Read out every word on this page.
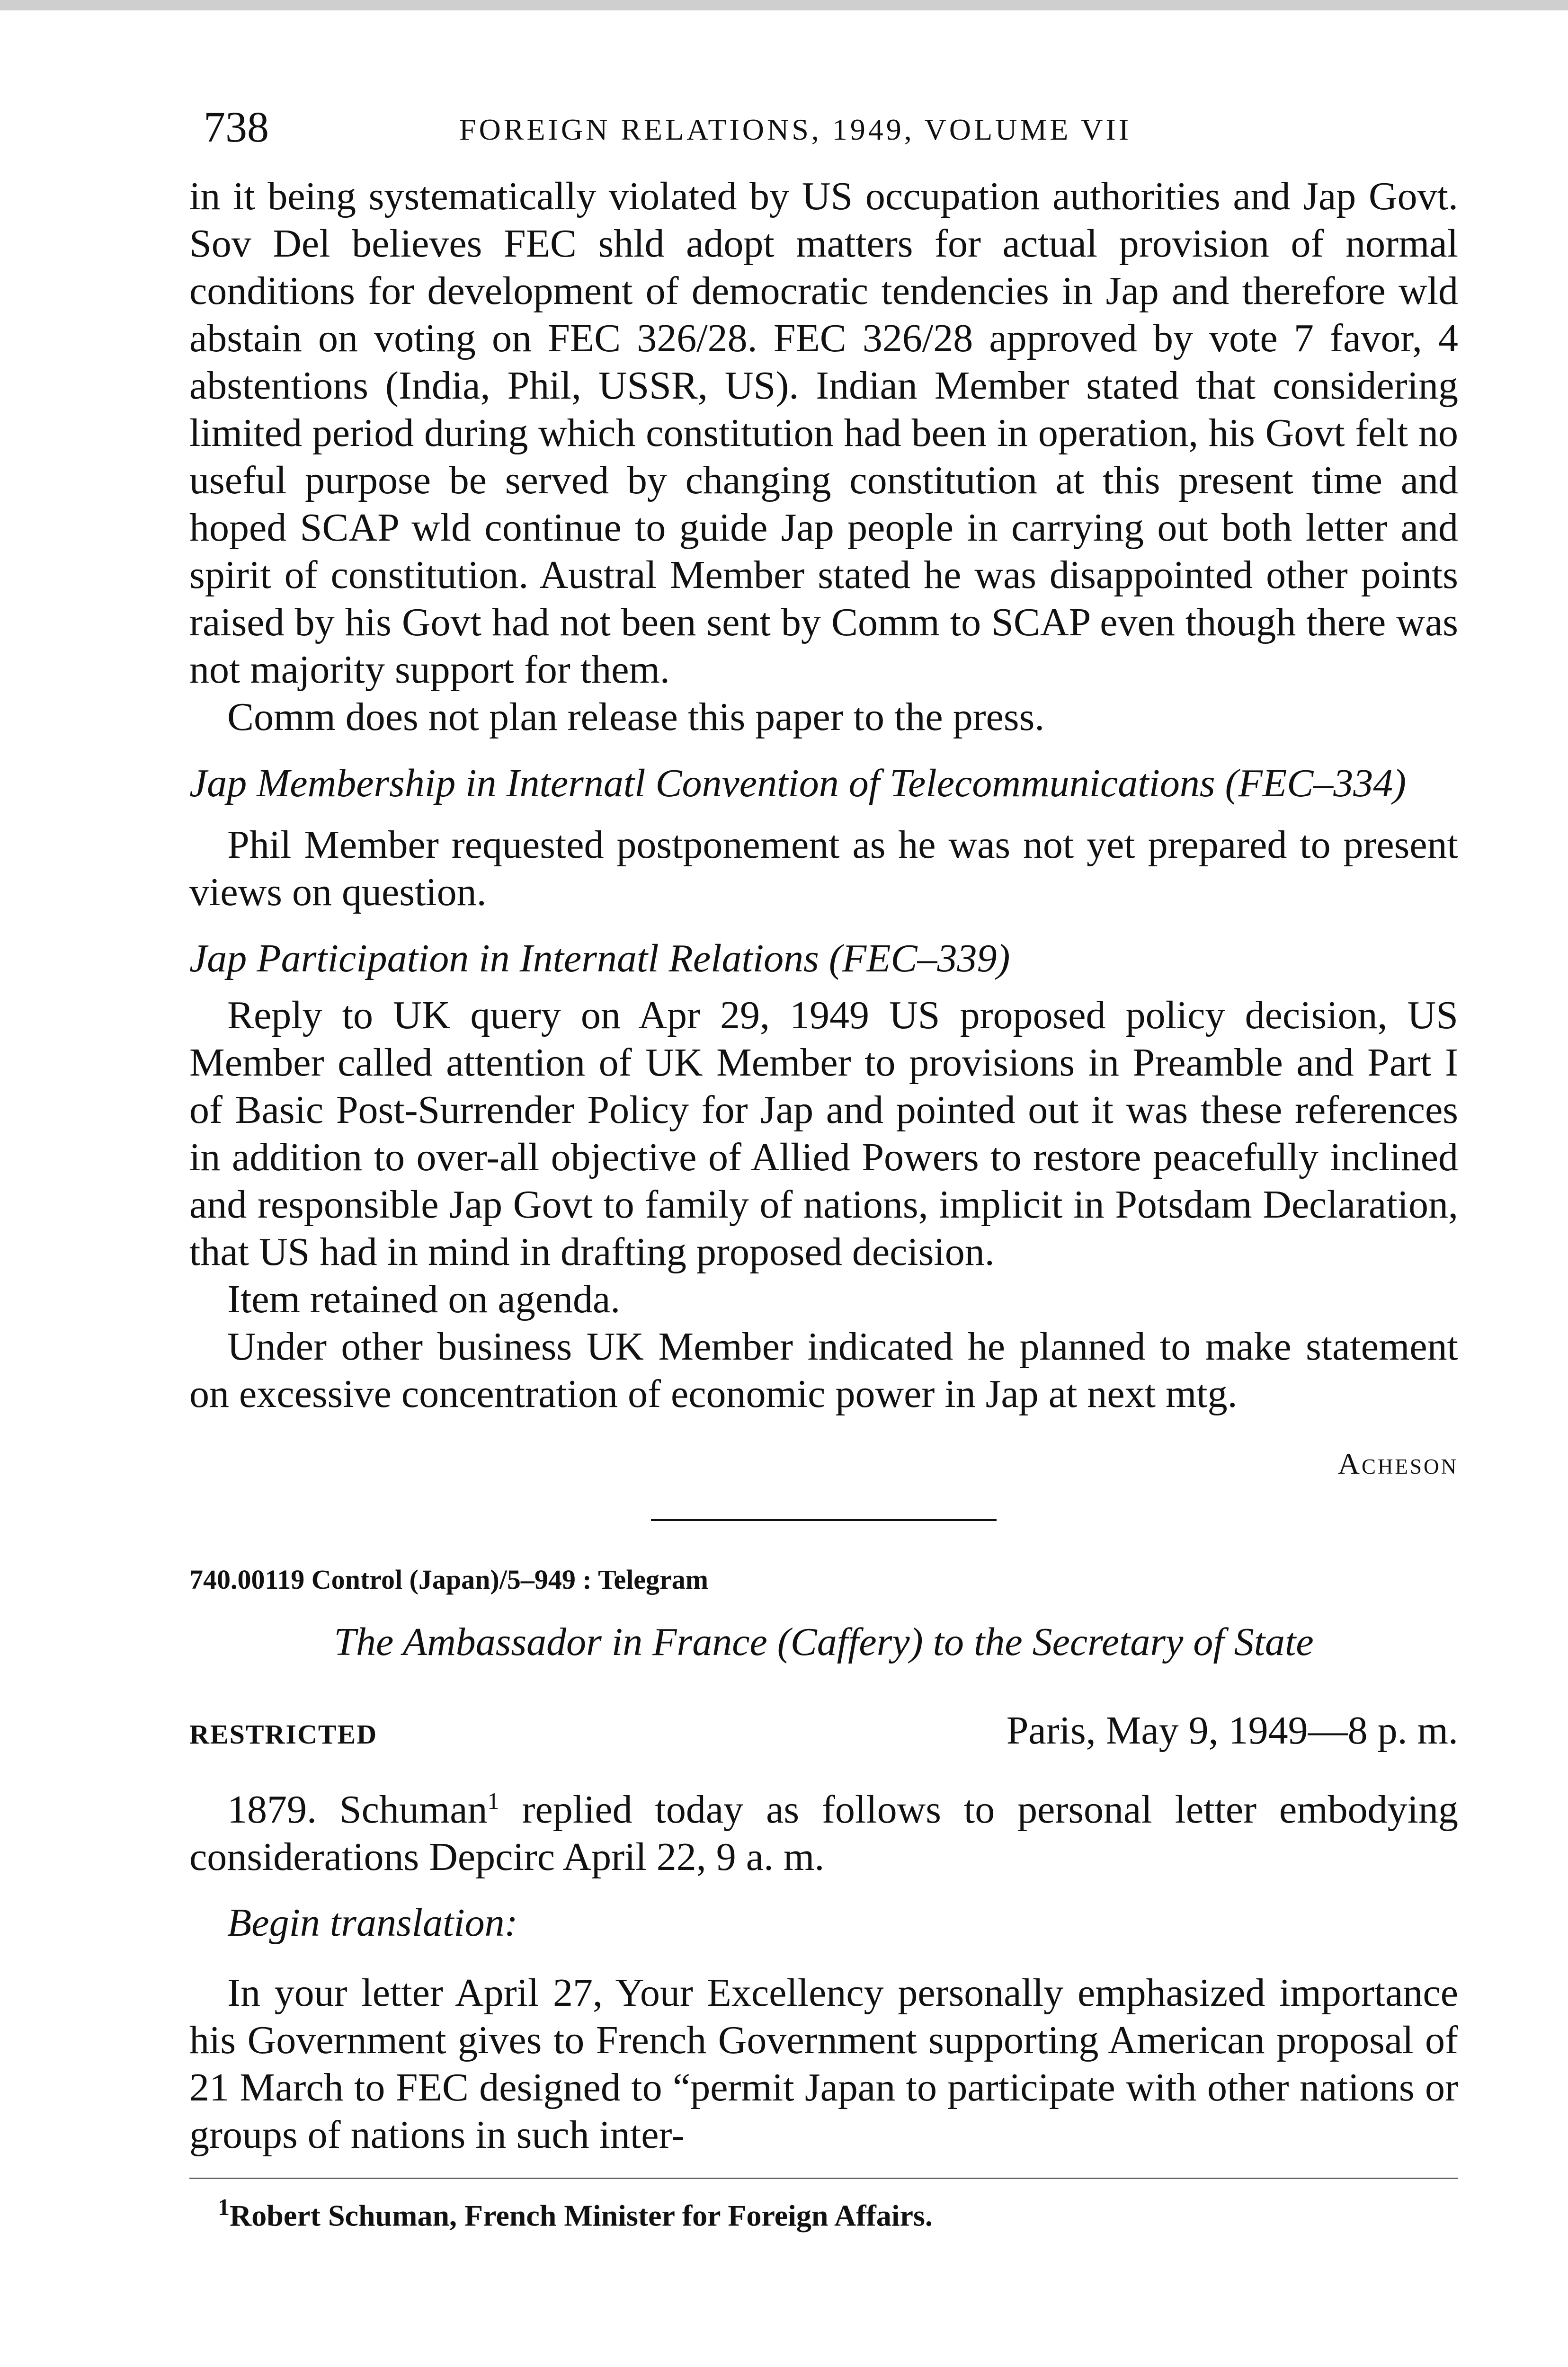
738	FOREIGN RELATIONS, 1949, VOLUME VII

in it being systematically violated by US occupation authorities and Jap Govt. Sov Del believes FEC shld adopt matters for actual provision of normal conditions for development of democratic tendencies in Jap and therefore wld abstain on voting on FEC 326/28. FEC 326/28 approved by vote 7 favor, 4 abstentions (India, Phil, USSR, US). Indian Member stated that considering limited period during which constitution had been in operation, his Govt felt no useful purpose be served by changing constitution at this present time and hoped SCAP wld continue to guide Jap people in carrying out both letter and spirit of constitution. Austral Member stated he was disappointed other points raised by his Govt had not been sent by Comm to SCAP even though there was not majority support for them.

Comm does not plan release this paper to the press.

Jap Membership in Internatl Convention of Telecommunications (FEC–334)

Phil Member requested postponement as he was not yet prepared to present views on question.

Jap Participation in Internatl Relations (FEC–339)

Reply to UK query on Apr 29, 1949 US proposed policy decision, US Member called attention of UK Member to provisions in Preamble and Part I of Basic Post-Surrender Policy for Jap and pointed out it was these references in addition to over-all objective of Allied Powers to restore peacefully inclined and responsible Jap Govt to family of nations, implicit in Potsdam Declaration, that US had in mind in drafting proposed decision.

Item retained on agenda.

Under other business UK Member indicated he planned to make statement on excessive concentration of economic power in Jap at next mtg.

Acheson

740.00119 Control (Japan)/5–949 : Telegram

The Ambassador in France (Caffery) to the Secretary of State

RESTRICTED	Paris, May 9, 1949—8 p. m.

1879. Schuman$^1$ replied today as follows to personal letter embodying considerations Depcirc April 22, 9 a. m.

Begin translation:

In your letter April 27, Your Excellency personally emphasized importance his Government gives to French Government supporting American proposal of 21 March to FEC designed to “permit Japan to participate with other nations or groups of nations in such inter-

$^1$Robert Schuman, French Minister for Foreign Affairs.
